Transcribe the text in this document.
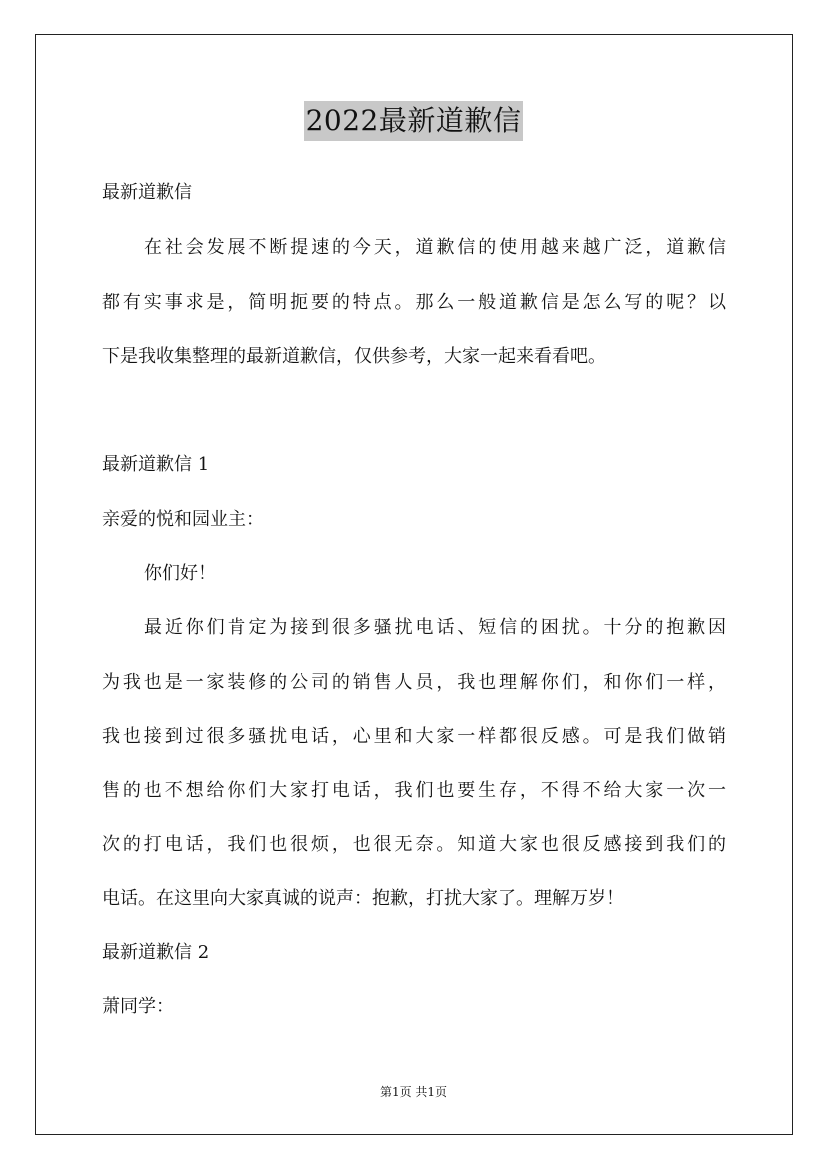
2022最新道歉信
最新道歉信
在社会发展不断提速的今天，道歉信的使用越来越广泛，道歉信
都有实事求是，简明扼要的特点。那么一般道歉信是怎么写的呢？以
下是我收集整理的最新道歉信，仅供参考，大家一起来看看吧。
最新道歉信 1
亲爱的悦和园业主：
你们好！
最近你们肯定为接到很多骚扰电话、短信的困扰。十分的抱歉因
为我也是一家装修的公司的销售人员，我也理解你们，和你们一样，
我也接到过很多骚扰电话，心里和大家一样都很反感。可是我们做销
售的也不想给你们大家打电话，我们也要生存，不得不给大家一次一
次的打电话，我们也很烦，也很无奈。知道大家也很反感接到我们的
电话。在这里向大家真诚的说声：抱歉，打扰大家了。理解万岁！
最新道歉信 2
萧同学：
第1页 共1页
